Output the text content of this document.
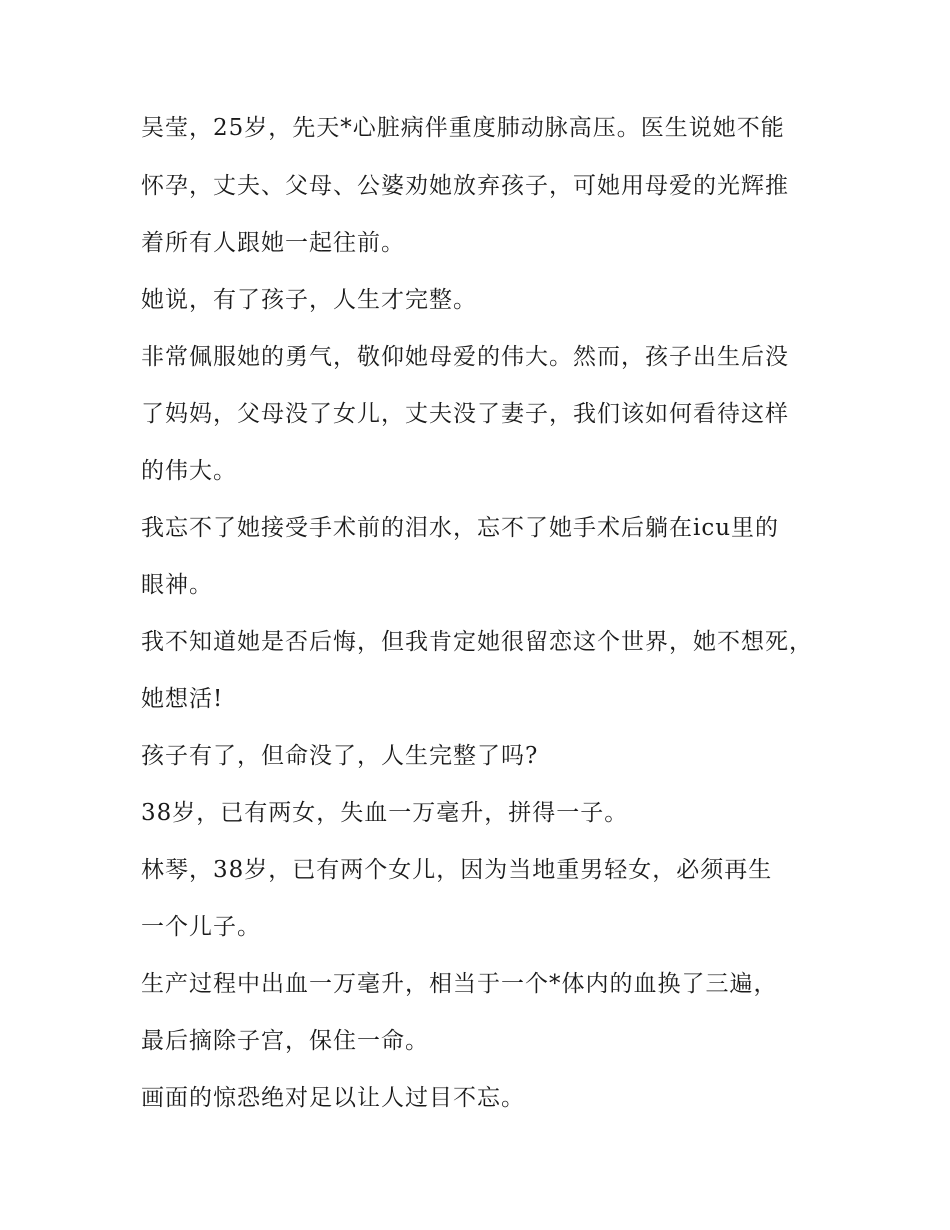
吴莹，25岁，先天*心脏病伴重度肺动脉高压。医生说她不能
怀孕，丈夫、父母、公婆劝她放弃孩子，可她用母爱的光辉推
着所有人跟她一起往前。
她说，有了孩子，人生才完整。
非常佩服她的勇气，敬仰她母爱的伟大。然而，孩子出生后没
了妈妈，父母没了女儿，丈夫没了妻子，我们该如何看待这样
的伟大。
我忘不了她接受手术前的泪水，忘不了她手术后躺在icu里的
眼神。
我不知道她是否后悔，但我肯定她很留恋这个世界，她不想死，
她想活!
孩子有了，但命没了，人生完整了吗?
38岁，已有两女，失血一万毫升，拼得一子。
林琴，38岁，已有两个女儿，因为当地重男轻女，必须再生
一个儿子。
生产过程中出血一万毫升，相当于一个*体内的血换了三遍，
最后摘除子宫，保住一命。
画面的惊恐绝对足以让人过目不忘。
